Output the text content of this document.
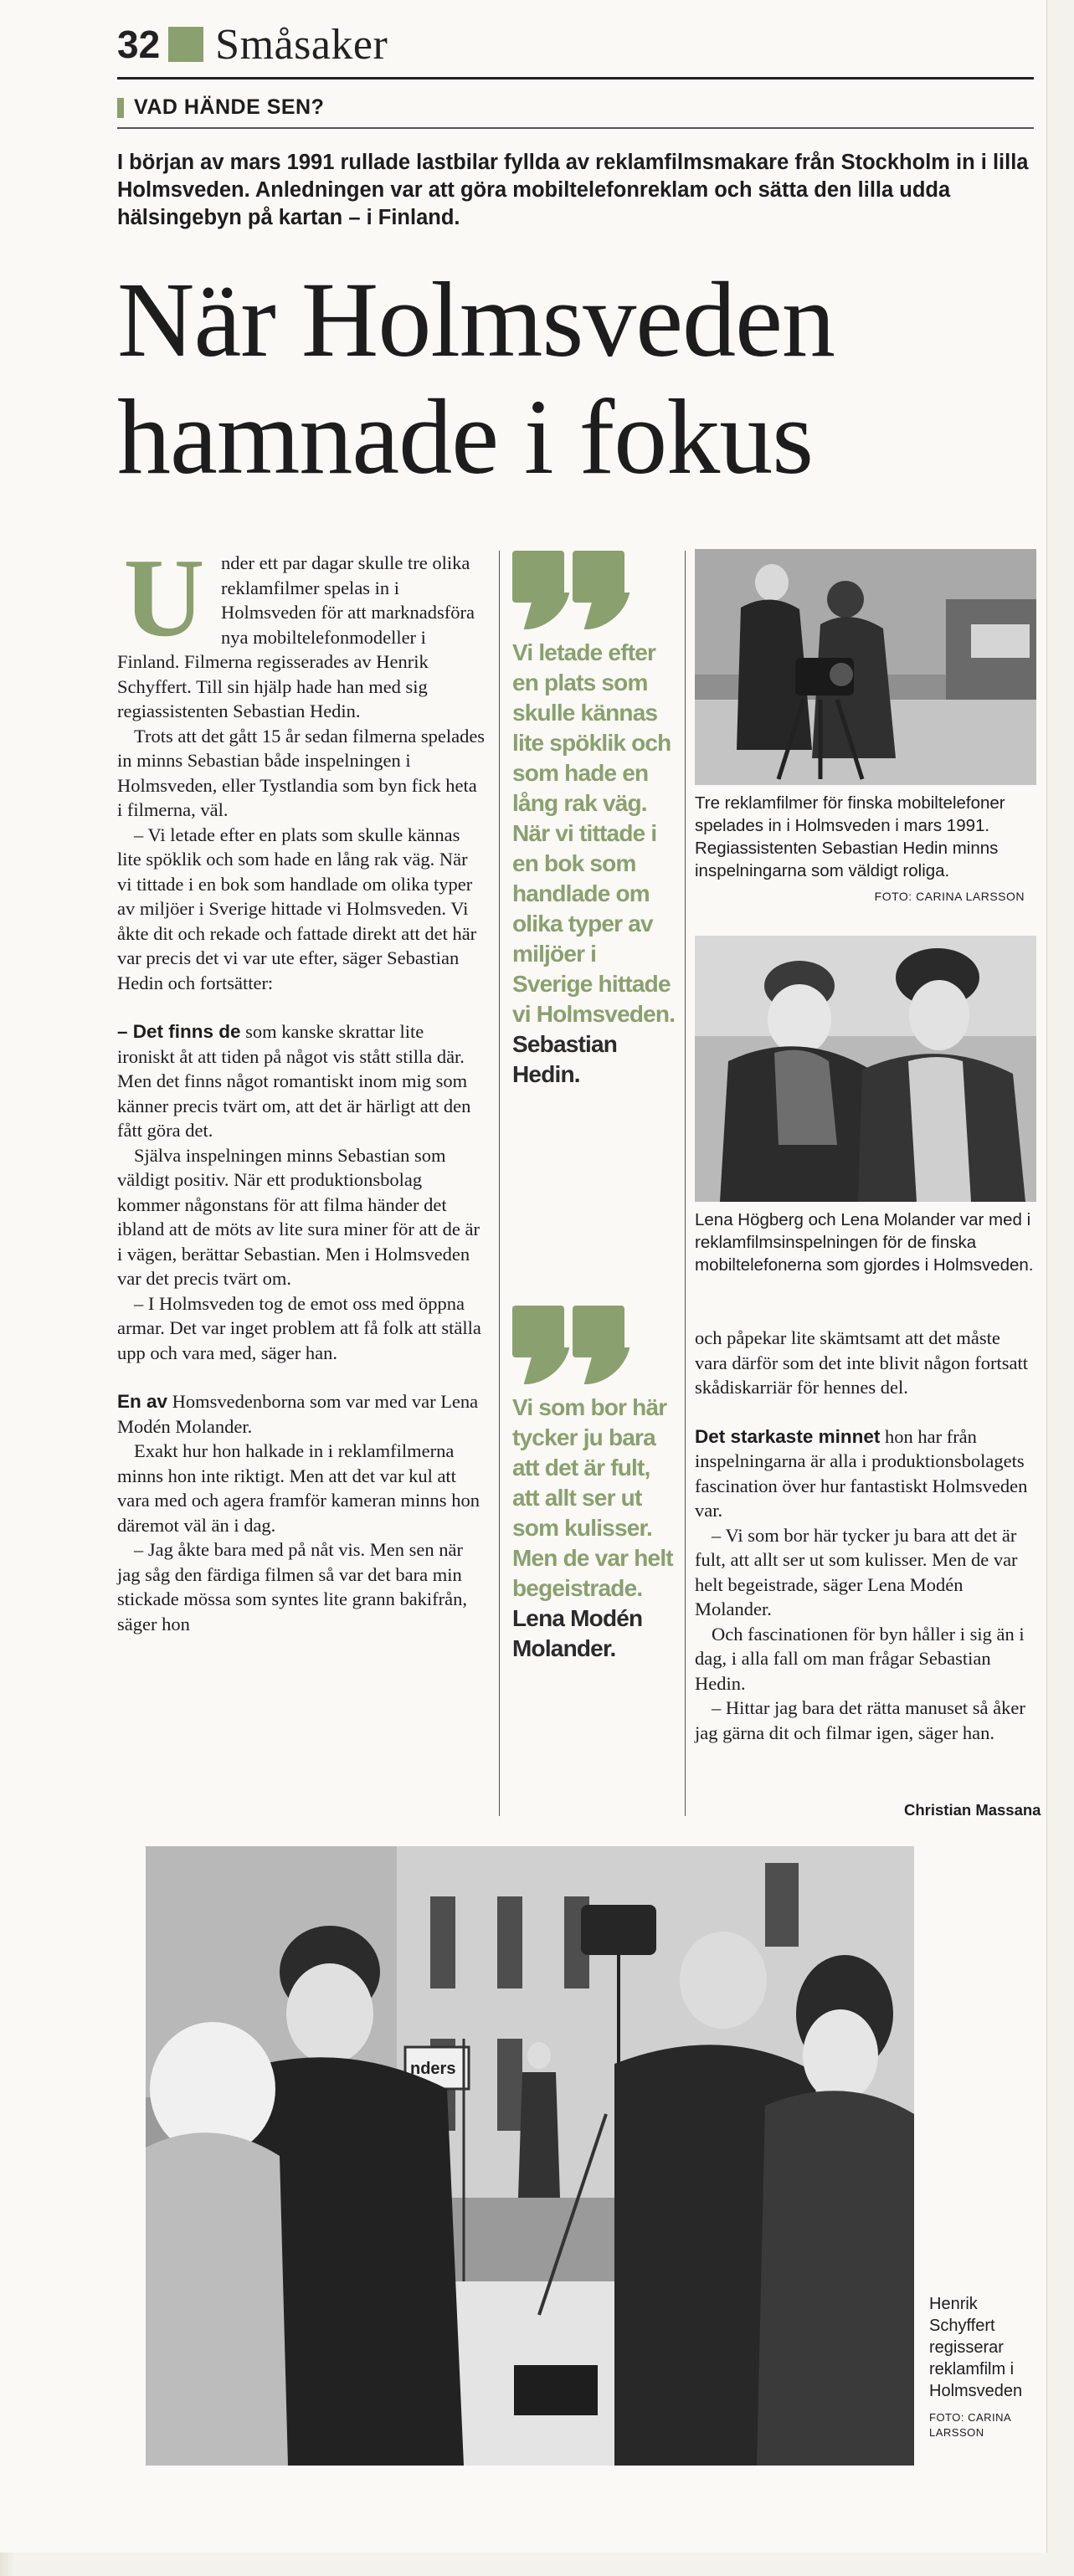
32 Småsaker
VAD HÄNDE SEN?
I början av mars 1991 rullade lastbilar fyllda av reklamfilmsmakare från Stockholm in i lilla Holmsveden. Anledningen var att göra mobiltelefonreklam och sätta den lilla udda hälsingebyn på kartan – i Finland.
När Holmsveden
hamnade i fokus

U nder ett par dagar skulle tre olika reklamfilmer spelas in i Holmsveden för att marknadsföra nya mobiltelefonmodeller i Finland. Filmerna regisserades av Henrik Schyffert. Till sin hjälp hade han med sig regiassistenten Sebastian Hedin.

Trots att det gått 15 år sedan filmerna spelades in minns Sebastian både inspelningen i Holmsveden, eller Tystlandia som byn fick heta i filmerna, väl.

– Vi letade efter en plats som skulle kännas lite spöklik och som hade en lång rak väg. När vi tittade i en bok som handlade om olika typer av miljöer i Sverige hittade vi Holmsveden. Vi åkte dit och rekade och fattade direkt att det här var precis det vi var ute efter, säger Sebastian Hedin och fortsätter:

– Det finns de som kanske skrattar lite ironiskt åt att tiden på något vis stått stilla där. Men det finns något romantiskt inom mig som känner precis tvärt om, att det är härligt att den fått göra det.

Själva inspelningen minns Sebastian som väldigt positiv. När ett produktionsbolag kommer någonstans för att filma händer det ibland att de möts av lite sura miner för att de är i vägen, berättar Sebastian. Men i Holmsveden var det precis tvärt om.

– I Holmsveden tog de emot oss med öppna armar. Det var inget problem att få folk att ställa upp och vara med, säger han.

En av Homsvedenborna som var med var Lena Modén Molander.

Exakt hur hon halkade in i reklamfilmerna minns hon inte riktigt. Men att det var kul att vara med och agera framför kameran minns hon däremot väl än i dag.

– Jag åkte bara med på nåt vis. Men sen när jag såg den färdiga filmen så var det bara min stickade mössa som syntes lite grann bakifrån, säger hon

Vi letade efter en plats som skulle kännas lite spöklik och som hade en lång rak väg. När vi tittade i en bok som handlade om olika typer av miljöer i Sverige hittade vi Holmsveden.
Sebastian Hedin.
Vi som bor här tycker ju bara att det är fult, att allt ser ut som kulisser. Men de var helt begeistrade.
Lena Modén Molander.
Tre reklamfilmer för finska mobiltelefoner spelades in i Holmsveden i mars 1991. Regiassistenten Sebastian Hedin minns inspelningarna som väldigt roliga.
FOTO: CARINA LARSSON
Lena Högberg och Lena Molander var med i reklamfilmsinspelningen för de finska mobiltelefonerna som gjordes i Holmsveden.

och påpekar lite skämtsamt att det måste vara därför som det inte blivit någon fortsatt skådiskarriär för hennes del.

Det starkaste minnet hon har från inspelningarna är alla i produktionsbolagets fascination över hur fantastiskt Holmsveden var.

– Vi som bor här tycker ju bara att det är fult, att allt ser ut som kulisser. Men de var helt begeistrade, säger Lena Modén Molander.

Och fascinationen för byn håller i sig än i dag, i alla fall om man frågar Sebastian Hedin.

– Hittar jag bara det rätta manuset så åker jag gärna dit och filmar igen, säger han.

Christian Massana
nders
Henrik Schyffert regisserar reklamfilm i Holmsveden
FOTO: CARINA LARSSON
